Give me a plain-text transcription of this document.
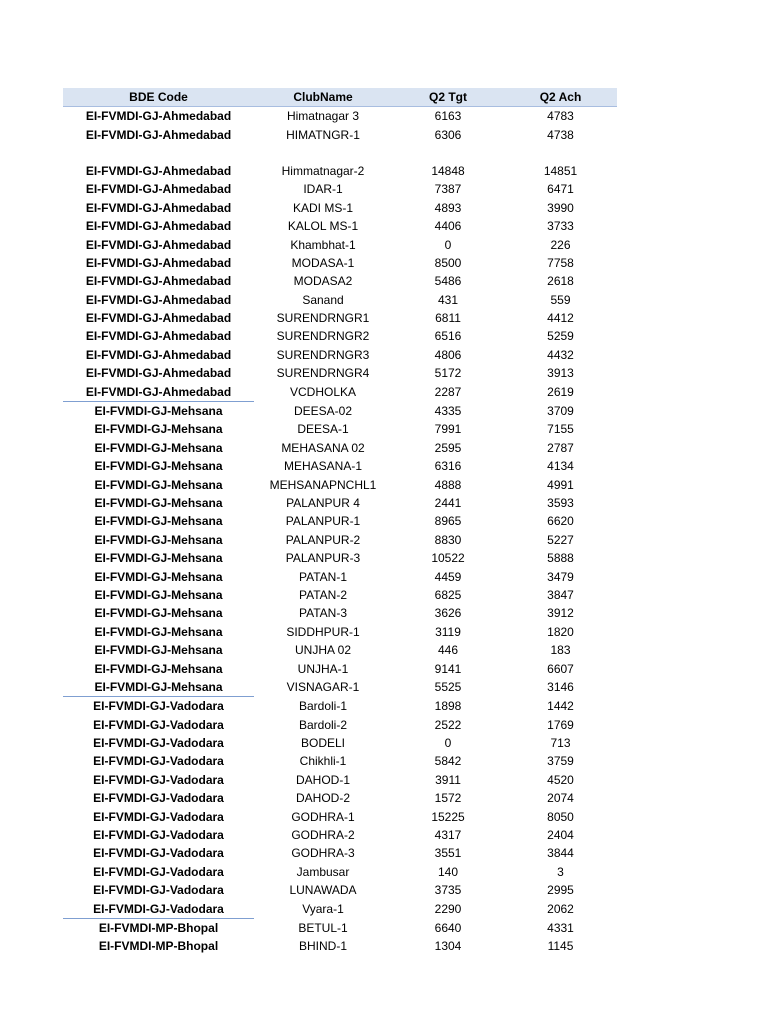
BDE Code	ClubName	Q2 Tgt	Q2 Ach
EI-FVMDI-GJ-Ahmedabad	Himatnagar 3	6163	4783
EI-FVMDI-GJ-Ahmedabad	HIMATNGR-1	6306	4738

EI-FVMDI-GJ-Ahmedabad	Himmatnagar-2	14848	14851
EI-FVMDI-GJ-Ahmedabad	IDAR-1	7387	6471
EI-FVMDI-GJ-Ahmedabad	KADI MS-1	4893	3990
EI-FVMDI-GJ-Ahmedabad	KALOL MS-1	4406	3733
EI-FVMDI-GJ-Ahmedabad	Khambhat-1	0	226
EI-FVMDI-GJ-Ahmedabad	MODASA-1	8500	7758
EI-FVMDI-GJ-Ahmedabad	MODASA2	5486	2618
EI-FVMDI-GJ-Ahmedabad	Sanand	431	559
EI-FVMDI-GJ-Ahmedabad	SURENDRNGR1	6811	4412
EI-FVMDI-GJ-Ahmedabad	SURENDRNGR2	6516	5259
EI-FVMDI-GJ-Ahmedabad	SURENDRNGR3	4806	4432
EI-FVMDI-GJ-Ahmedabad	SURENDRNGR4	5172	3913
EI-FVMDI-GJ-Ahmedabad	VCDHOLKA	2287	2619
EI-FVMDI-GJ-Mehsana	DEESA-02	4335	3709
EI-FVMDI-GJ-Mehsana	DEESA-1	7991	7155
EI-FVMDI-GJ-Mehsana	MEHASANA 02	2595	2787
EI-FVMDI-GJ-Mehsana	MEHASANA-1	6316	4134
EI-FVMDI-GJ-Mehsana	MEHSANAPNCHL1	4888	4991
EI-FVMDI-GJ-Mehsana	PALANPUR 4	2441	3593
EI-FVMDI-GJ-Mehsana	PALANPUR-1	8965	6620
EI-FVMDI-GJ-Mehsana	PALANPUR-2	8830	5227
EI-FVMDI-GJ-Mehsana	PALANPUR-3	10522	5888
EI-FVMDI-GJ-Mehsana	PATAN-1	4459	3479
EI-FVMDI-GJ-Mehsana	PATAN-2	6825	3847
EI-FVMDI-GJ-Mehsana	PATAN-3	3626	3912
EI-FVMDI-GJ-Mehsana	SIDDHPUR-1	3119	1820
EI-FVMDI-GJ-Mehsana	UNJHA 02	446	183
EI-FVMDI-GJ-Mehsana	UNJHA-1	9141	6607
EI-FVMDI-GJ-Mehsana	VISNAGAR-1	5525	3146
EI-FVMDI-GJ-Vadodara	Bardoli-1	1898	1442
EI-FVMDI-GJ-Vadodara	Bardoli-2	2522	1769
EI-FVMDI-GJ-Vadodara	BODELI	0	713
EI-FVMDI-GJ-Vadodara	Chikhli-1	5842	3759
EI-FVMDI-GJ-Vadodara	DAHOD-1	3911	4520
EI-FVMDI-GJ-Vadodara	DAHOD-2	1572	2074
EI-FVMDI-GJ-Vadodara	GODHRA-1	15225	8050
EI-FVMDI-GJ-Vadodara	GODHRA-2	4317	2404
EI-FVMDI-GJ-Vadodara	GODHRA-3	3551	3844
EI-FVMDI-GJ-Vadodara	Jambusar	140	3
EI-FVMDI-GJ-Vadodara	LUNAWADA	3735	2995
EI-FVMDI-GJ-Vadodara	Vyara-1	2290	2062
EI-FVMDI-MP-Bhopal	BETUL-1	6640	4331
EI-FVMDI-MP-Bhopal	BHIND-1	1304	1145
